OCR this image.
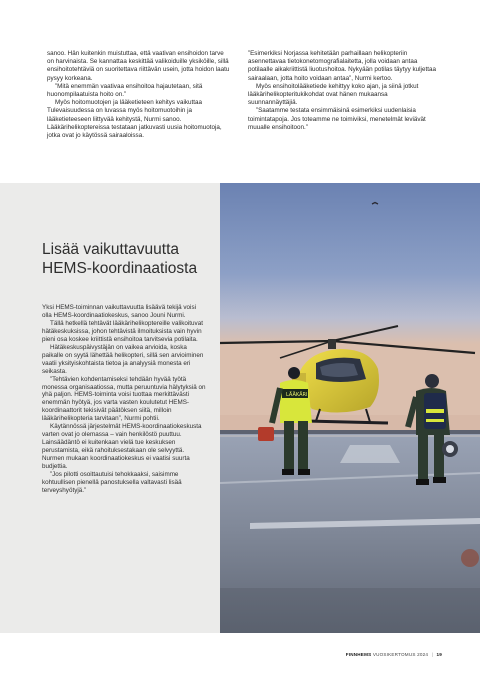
sanoo. Hän kuitenkin muistuttaa, että vaativan ensihoidon tarve on harvinaista. Se kannattaa keskittää valikoiduille yksiköille, sillä ensihoitotehtäviä on suoritettava riittävän usein, jotta hoidon laatu pysyy korkeana.

”Mitä enemmän vaativaa ensihoitoa hajautetaan, sitä huonompilaatuista hoito on.”

Myös hoitomuotojen ja lääketieteen kehitys vaikuttaa Tulevaisuudessa on luvassa myös hoitomuotoihin ja lääketieteeseen liittyvää kehitystä, Nurmi sanoo. Lääkärihelikoptereissa testataan jatkuvasti uusia hoitomuotoja, jotka ovat jo käytössä sairaaloissa.

”Esimerkiksi Norjassa kehitetään parhaillaan helikopteriin asennettavaa tietokonetomografialaitetta, jolla voidaan antaa potilaalle aikakriittistä liuotushoitoa. Nykyään potilas täytyy kuljettaa sairaalaan, jotta hoito voidaan antaa”, Nurmi kertoo.

Myös ensihoitolääketiede kehittyy koko ajan, ja siinä jotkut lääkärihelikopteritukikohdat ovat hänen mukaansa suunnannäyttäjiä.

”Saatamme testata ensimmäisinä esimerkiksi uudenlaisia toimintatapoja. Jos toteamme ne toimiviksi, menetelmät leviävät muualle ensihoitoon.”

Lisää vaikuttavuutta
HEMS-koordinaatiosta

Yksi HEMS-toiminnan vaikuttavuutta lisäävä tekijä voisi olla HEMS-koordinaatiokeskus, sanoo Jouni Nurmi.

Tällä hetkellä tehtävät lääkärihelikoptereille valikoituvat hätäkeskuksissa, johon tehtävistä ilmoituksista vain hyvin pieni osa koskee kriittistä ensihoitoa tarvitsevia potilaita.

Hätäkeskuspäivystäjän on vaikea arvioida, koska paikalle on syytä lähettää helikopteri, sillä sen arvioiminen vaatii yksityiskohtaista tietoa ja analyysiä monesta eri seikasta.

”Tehtävien kohdentamiseksi tehdään hyvää työtä monessa organisaatiossa, mutta peruuntuvia hälytyksiä on yhä paljon. HEMS-toiminta voisi tuottaa merkittävästi enemmän hyötyä, jos varta vasten koulutetut HEMS-koordinaattorit tekisivät päätöksen siitä, milloin lääkärihelikopteria tarvitaan”, Nurmi pohtii.

Käytännössä järjestelmät HEMS-koordinaatiokeskusta varten ovat jo olemassa – vain henkilöstö puuttuu. Lainsäädäntö ei kuitenkaan vielä tue keskuksen perustamista, eikä rahoituksestakaan ole selvyyttä. Nurmen mukaan koordinaatiokeskus ei vaatisi suurta budjettia.

”Jos pilotti osoittautuisi tehokkaaksi, saisimme kohtuullisen pienellä panostuksella valtavasti lisää terveyshyötyjä.”

LÄÄKÄRI
FINNHEMS VUOSIKERTOMUS 2024 | 19
